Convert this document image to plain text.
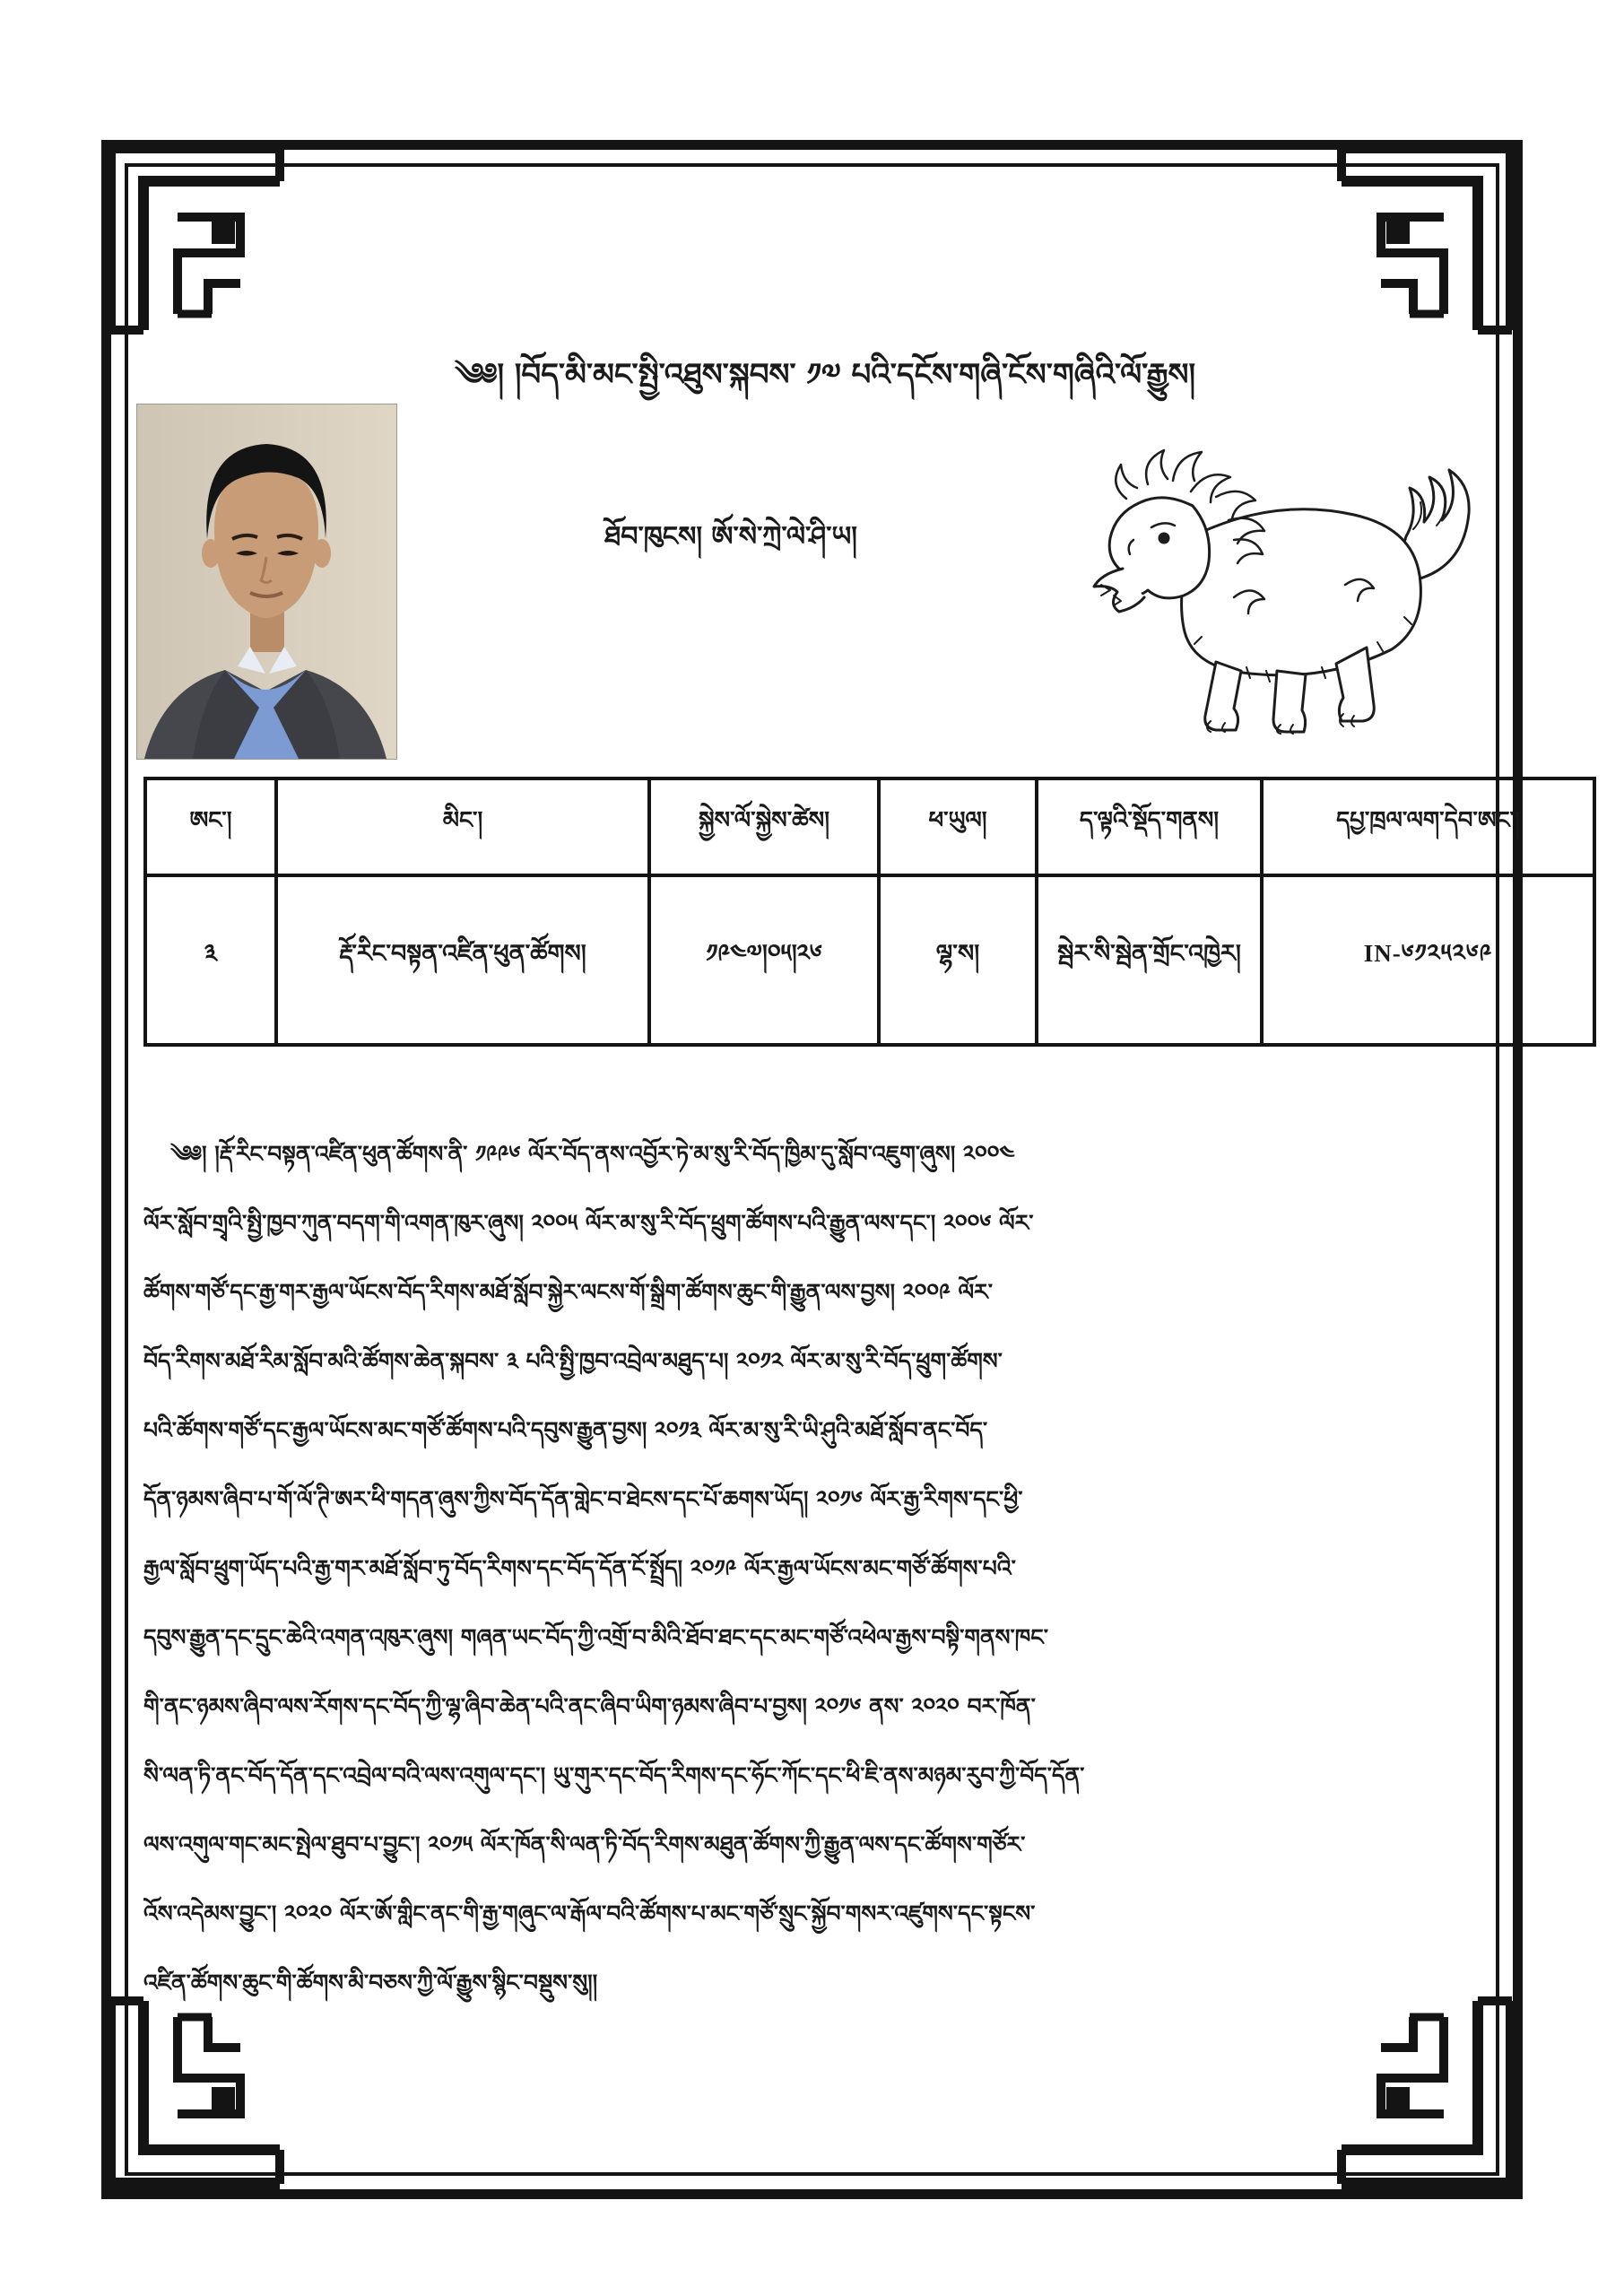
༄༅། །བོད་མི་མང་སྤྱི་འཐུས་སྐབས་ ༡༧ པའི་དངོས་གཞི་ངོས་གཞིའི་ལོ་རྒྱུས།
ཐོབ་ཁུངས། ཨོ་སེ་ཀྲེ་ལེ་ཤི་ཡ།
ཨང་།	མིང་།	སྐྱེས་ལོ་སྐྱེས་ཚེས།	ཕ་ཡུལ།	ད་ལྟའི་སྡོད་གནས།	དཔྱ་ཁྲལ་ལག་དེབ་ཨང་།
༣	རྡོ་རིང་བསྟན་འཛིན་ཕུན་ཚོགས།	༡༩༤༧།༠༥།༢༦	ལྷ་ས།	སྦེར་སི་སྦེན་གྲོང་འཁྱེར།	IN-༦༡༢༥༢༦༩
༄༅། །རྡོ་རིང་བསྟན་འཛིན་ཕུན་ཚོགས་ནི་ ༡༩༩༦ ལོར་བོད་ནས་འབྱོར་ཏེ་མ་སུ་རི་བོད་ཁྱིམ་དུ་སློབ་འཇུག་ཞུས། ༢༠༠༤
ལོར་སློབ་གྲྭའི་སྤྱི་ཁྱབ་ཀུན་བདག་གི་འགན་ཁུར་ཞུས། ༢༠༠༥ ལོར་མ་སུ་རི་བོད་ཕྲུག་ཚོགས་པའི་རྒྱུན་ལས་དང་། ༢༠༠༦ ལོར་
ཚོགས་གཙོ་དང་རྒྱ་གར་རྒྱལ་ཡོངས་བོད་རིགས་མཐོ་སློབ་སྐྱེར་ལངས་གོ་སྒྲིག་ཚོགས་ཆུང་གི་རྒྱུན་ལས་བྱས། ༢༠༠༩ ལོར་
བོད་རིགས་མཐོ་རིམ་སློབ་མའི་ཚོགས་ཆེན་སྐབས་ ༣ པའི་སྤྱི་ཁྱབ་འབྲེལ་མཐུད་པ། ༢༠༡༢ ལོར་མ་སུ་རི་བོད་ཕྲུག་ཚོགས་
པའི་ཚོགས་གཙོ་དང་རྒྱལ་ཡོངས་མང་གཙོ་ཚོགས་པའི་དབུས་རྒྱུན་བྱས། ༢༠༡༣ ལོར་མ་སུ་རི་ཡི་ཤུའི་མཐོ་སློབ་ནང་བོད་
དོན་ཉམས་ཞིབ་པ་གོ་ལོ་ཊི་ཨར་ཕི་གདན་ཞུས་ཀྱིས་བོད་དོན་གླེང་བ་ཐེངས་དང་པོ་ཆགས་ཡོད། ༢༠༡༦ ལོར་རྒྱ་རིགས་དང་ཕྱི་
རྒྱལ་སློབ་ཕྲུག་ཡོད་པའི་རྒྱ་གར་མཐོ་སློབ་ཏུ་བོད་རིགས་དང་བོད་དོན་ངོ་སྤྲོད། ༢༠༡༩ ལོར་རྒྱལ་ཡོངས་མང་གཙོ་ཚོགས་པའི་
དབུས་རྒྱུན་དང་དྲུང་ཆེའི་འགན་འཁུར་ཞུས། གཞན་ཡང་བོད་ཀྱི་འགྲོ་བ་མིའི་ཐོབ་ཐང་དང་མང་གཙོ་འཕེལ་རྒྱས་བསྟི་གནས་ཁང་
གི་ནང་ཉམས་ཞིབ་ལས་རོགས་དང་བོད་ཀྱི་ལྷ་ཞིབ་ཆེན་པའི་ནང་ཞིབ་ཡིག་ཉམས་ཞིབ་པ་བྱས། ༢༠༡༦ ནས་ ༢༠༢༠ བར་ཁོན་
སི་ལན་ཏི་ནང་བོད་དོན་དང་འབྲེལ་བའི་ལས་འགུལ་དང་། ཡུ་གུར་དང་བོད་རིགས་དང་ཧོང་ཀོང་དང་ཕི་ཇི་ནས་མཉམ་རུབ་ཀྱི་བོད་དོན་
ལས་འགུལ་གང་མང་སྤེལ་ཐུབ་པ་བྱུང་། ༢༠༡༥ ལོར་ཁོན་སི་ལན་ཏི་བོད་རིགས་མཐུན་ཚོགས་ཀྱི་རྒྱུན་ལས་དང་ཚོགས་གཙོར་
འོས་འདེམས་བྱུང་། ༢༠༢༠ ལོར་ཨོ་གླིང་ནང་གི་རྒྱ་གཞུང་ལ་རྒོལ་བའི་ཚོགས་པ་མང་གཙོ་སྲུང་སྐྱོབ་གསར་འཛུགས་དང་སྟངས་
འཛིན་ཚོགས་ཆུང་གི་ཚོགས་མི་བཅས་ཀྱི་ལོ་རྒྱུས་སྙིང་བསྡུས་སུ།།
